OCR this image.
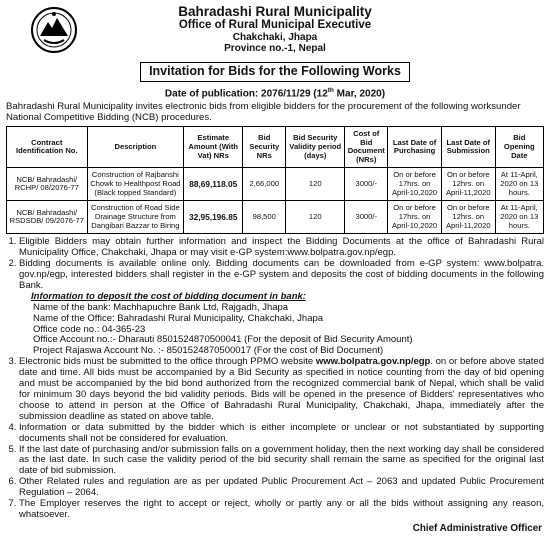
Bahradashi Rural Municipality
Office of Rural Municipal Executive
Chakchaki, Jhapa
Province no.-1, Nepal
Invitation for Bids for the Following Works
Date of publication: 2076/11/29 (12th Mar, 2020)
Bahradashi Rural Municipality invites electronic bids from eligible bidders for the procurement of the following worksunder National Competitive Bidding (NCB) procedures.
Contract Identification No.	Description	Estimate Amount (With Vat) NRs	Bid Security NRs	Bid Security Validity period (days)	Cost of Bid Document (NRs)	Last Date of Purchasing	Last Date of Submission	Bid Opening Date
NCB/ Bahradashi/ RCHP/ 08/2076-77	Construction of Rajbanshi Chowk to Healthpost Road (Black topped Standard)	88,69,118.05	2,66,000	120	3000/-	On or before 17hrs. on April-10,2020	On or before 12hrs. on April-11,2020	At 11-April, 2020 on 13 hours.
NCB/ Bahradashi/ RSDSDB/ 09/2076-77	Construction of Road Side Drainage Structure from Dangibari Bazzar to Biring	32,95,196.85	98,500	120	3000/-	On or before 17hrs. on April-10,2020	On or before 12hrs. on April-11,2020	At 11-April, 2020 on 13 hours.
1. Eligible Bidders may obtain further information and inspect the Bidding Documents at the office of Bahradashi Rural Municipality Office, Chakchaki, Jhapa or may visit e-GP system:www.bolpatra.gov.np/egp.
2. Bidding documents is available online only. Bidding documents can be downloaded from e-GP system: www.bolpatra. gov.np/egp, interested bidders shall register in the e-GP system and deposits the cost of bidding documents in the following Bank.
Information to deposit the cost of bidding document in bank:
Name of the bank: Machhapuchre Bank Ltd, Rajgadh, Jhapa
Name of the Office: Bahradashi Rural Municipality, Chakchaki, Jhapa
Office code no.: 04-365-23
Office Account no.:- Dharauti 8501524870500041 (For the deposit of Bid Security Amount)
Project Rajaswa Account No. :- 8501524870500017 (For the cost of Bid Document)
3. Electronic bids must be submitted to the office through PPMO website www.bolpatra.gov.np/egp. on or before above stated date and time. All bids must be accompanied by a Bid Security as specified in notice counting from the day of bid opening and must be accompanied by the bid bond authorized from the recognized commercial bank of Nepal, which shall be valid for minimum 30 days beyond the bid validity periods. Bids will be opened in the presence of Bidders' representatives who choose to attend in person at the Office of Bahradashi Rural Municipality, Chakchaki, Jhapa, immediately after the submission deadline as stated on above table.
4. Information or data submitted by the bidder which is either incomplete or unclear or not substantiated by supporting documents shall not be considered for evaluation.
5. If the last date of purchasing and/or submission falls on a government holiday, then the next working day shall be considered as the last date. In such case the validity period of the bid security shall remain the same as specified for the original last date of bid submission.
6. Other Related rules and regulation are as per updated Public Procurement Act – 2063 and updated Public Procurement Regulation – 2064.
7. The Employer reserves the right to accept or reject, wholly or partly any or all the bids without assigning any reason, whatsoever.
Chief Administrative Officer
